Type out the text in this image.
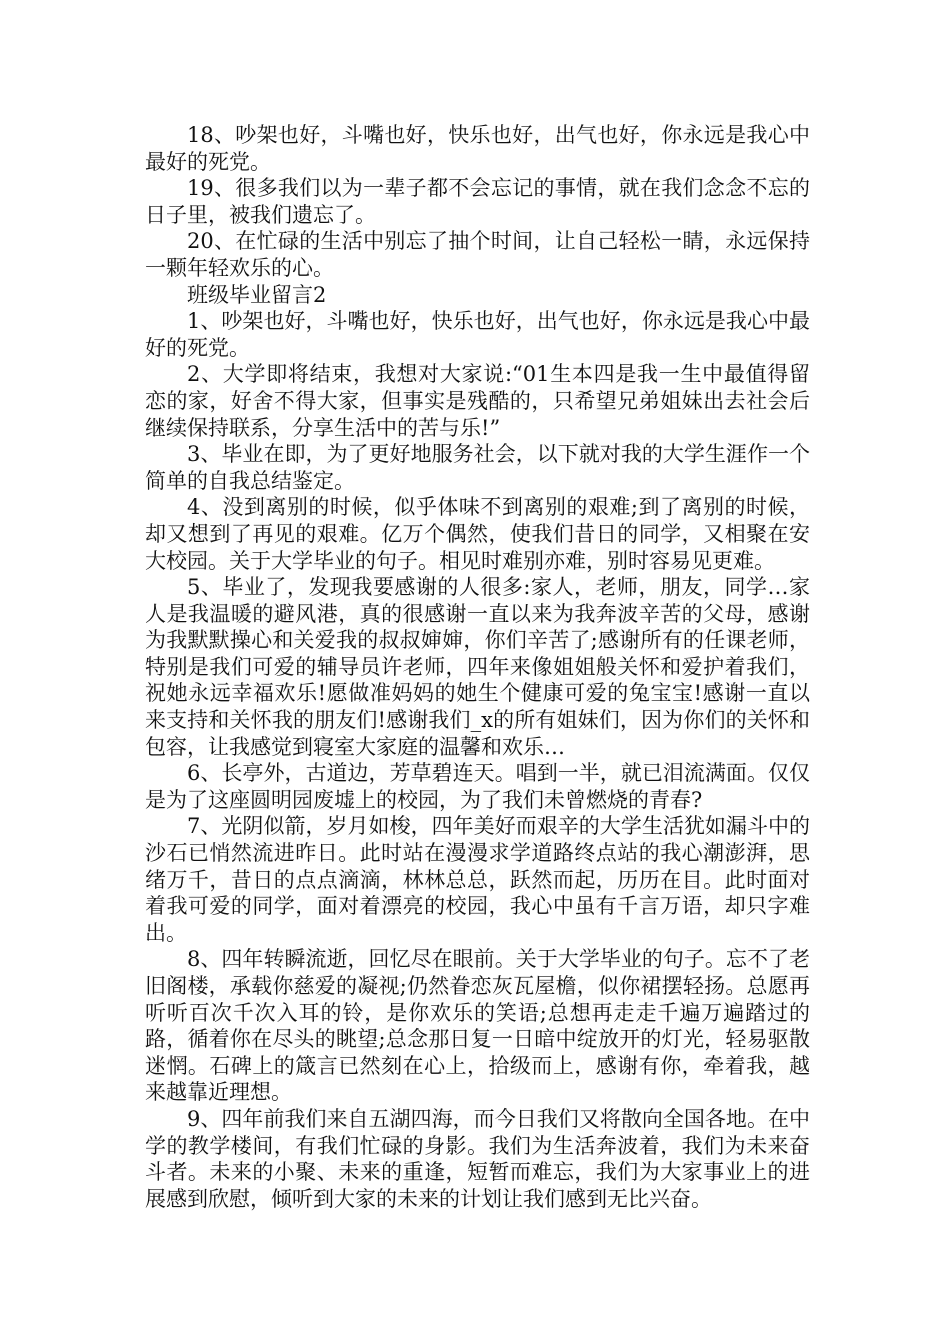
18、吵架也好，斗嘴也好，快乐也好，出气也好，你永远是我心中最好的死党。

19、很多我们以为一辈子都不会忘记的事情，就在我们念念不忘的日子里，被我们遗忘了。

20、在忙碌的生活中别忘了抽个时间，让自己轻松一睛，永远保持一颗年轻欢乐的心。

班级毕业留言2

1、吵架也好，斗嘴也好，快乐也好，出气也好，你永远是我心中最好的死党。

2、大学即将结束，我想对大家说:“01生本四是我一生中最值得留恋的家，好舍不得大家，但事实是残酷的，只希望兄弟姐妹出去社会后继续保持联系，分享生活中的苦与乐!”

3、毕业在即，为了更好地服务社会，以下就对我的大学生涯作一个简单的自我总结鉴定。

4、没到离别的时候，似乎体味不到离别的艰难;到了离别的时候，却又想到了再见的艰难。亿万个偶然，使我们昔日的同学，又相聚在安大校园。关于大学毕业的句子。相见时难别亦难，别时容易见更难。

5、毕业了，发现我要感谢的人很多:家人，老师，朋友，同学…家人是我温暖的避风港，真的很感谢一直以来为我奔波辛苦的父母，感谢为我默默操心和关爱我的叔叔婶婶，你们辛苦了;感谢所有的任课老师，特别是我们可爱的辅导员许老师，四年来像姐姐般关怀和爱护着我们，祝她永远幸福欢乐!愿做准妈妈的她生个健康可爱的兔宝宝!感谢一直以来支持和关怀我的朋友们!感谢我们_x的所有姐妹们，因为你们的关怀和包容，让我感觉到寝室大家庭的温馨和欢乐…

6、长亭外，古道边，芳草碧连天。唱到一半，就已泪流满面。仅仅是为了这座圆明园废墟上的校园，为了我们未曾燃烧的青春?

7、光阴似箭，岁月如梭，四年美好而艰辛的大学生活犹如漏斗中的沙石已悄然流进昨日。此时站在漫漫求学道路终点站的我心潮澎湃，思绪万千，昔日的点点滴滴，林林总总，跃然而起，历历在目。此时面对着我可爱的同学，面对着漂亮的校园，我心中虽有千言万语，却只字难出。

8、四年转瞬流逝，回忆尽在眼前。关于大学毕业的句子。忘不了老旧阁楼，承载你慈爱的凝视;仍然眷恋灰瓦屋檐，似你裙摆轻扬。总愿再听听百次千次入耳的铃，是你欢乐的笑语;总想再走走千遍万遍踏过的路，循着你在尽头的眺望;总念那日复一日暗中绽放开的灯光，轻易驱散迷惘。石碑上的箴言已然刻在心上，拾级而上，感谢有你，牵着我，越来越靠近理想。

9、四年前我们来自五湖四海，而今日我们又将散向全国各地。在中学的教学楼间，有我们忙碌的身影。我们为生活奔波着，我们为未来奋斗者。未来的小聚、未来的重逢，短暂而难忘，我们为大家事业上的进展感到欣慰，倾听到大家的未来的计划让我们感到无比兴奋。
